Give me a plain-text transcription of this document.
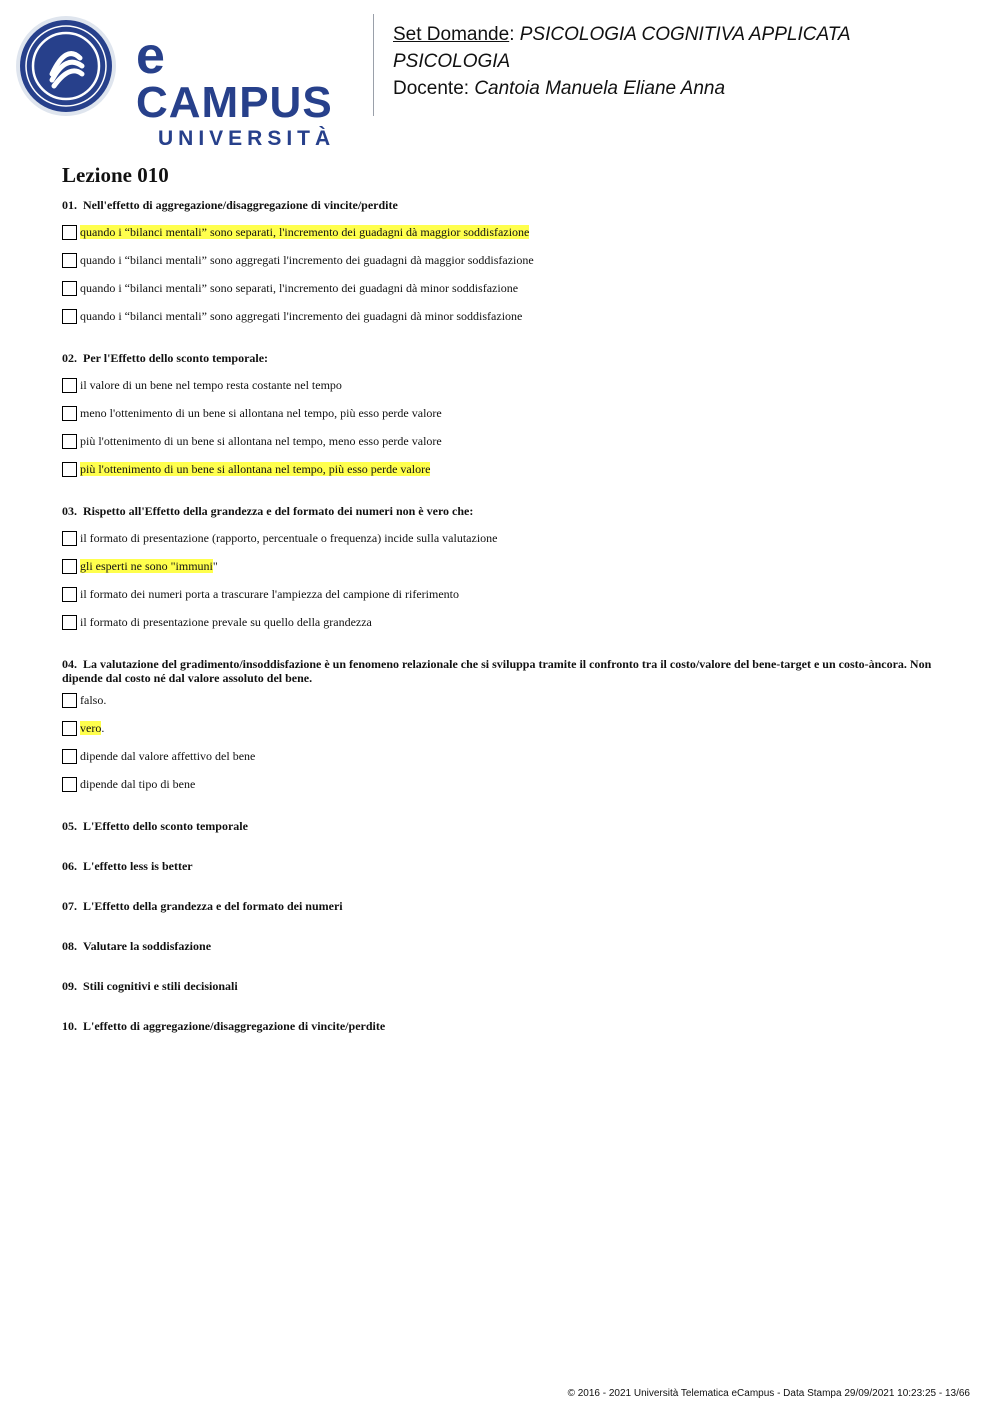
eCAMPUS
UNIVERSITÀ
Set Domande: PSICOLOGIA COGNITIVA APPLICATA
PSICOLOGIA
Docente: Cantoia Manuela Eliane Anna
Lezione 010
01. Nell'effetto di aggregazione/disaggregazione di vincite/perdite
quando i “bilanci mentali” sono separati, l'incremento dei guadagni dà maggior soddisfazione
quando i “bilanci mentali” sono aggregati l'incremento dei guadagni dà maggior soddisfazione
quando i “bilanci mentali” sono separati, l'incremento dei guadagni dà minor soddisfazione
quando i “bilanci mentali” sono aggregati l'incremento dei guadagni dà minor soddisfazione
02. Per l'Effetto dello sconto temporale:
il valore di un bene nel tempo resta costante nel tempo
meno l'ottenimento di un bene si allontana nel tempo, più esso perde valore
più l'ottenimento di un bene si allontana nel tempo, meno esso perde valore
più l'ottenimento di un bene si allontana nel tempo, più esso perde valore
03. Rispetto all'Effetto della grandezza e del formato dei numeri non è vero che:
il formato di presentazione (rapporto, percentuale o frequenza) incide sulla valutazione
gli esperti ne sono "immuni "
il formato dei numeri porta a trascurare l'ampiezza del campione di riferimento
il formato di presentazione prevale su quello della grandezza
04. La valutazione del gradimento/insoddisfazione è un fenomeno relazionale che si sviluppa tramite il confronto tra il costo/valore del bene-target e un costo-àncora. Non dipende dal costo né dal valore assoluto del bene.
falso.
vero .
dipende dal valore affettivo del bene
dipende dal tipo di bene
05. L'Effetto dello sconto temporale
06. L'effetto less is better
07. L'Effetto della grandezza e del formato dei numeri
08. Valutare la soddisfazione
09. Stili cognitivi e stili decisionali
10. L'effetto di aggregazione/disaggregazione di vincite/perdite
© 2016 - 2021 Università Telematica eCampus - Data Stampa 29/09/2021 10:23:25 - 13/66
